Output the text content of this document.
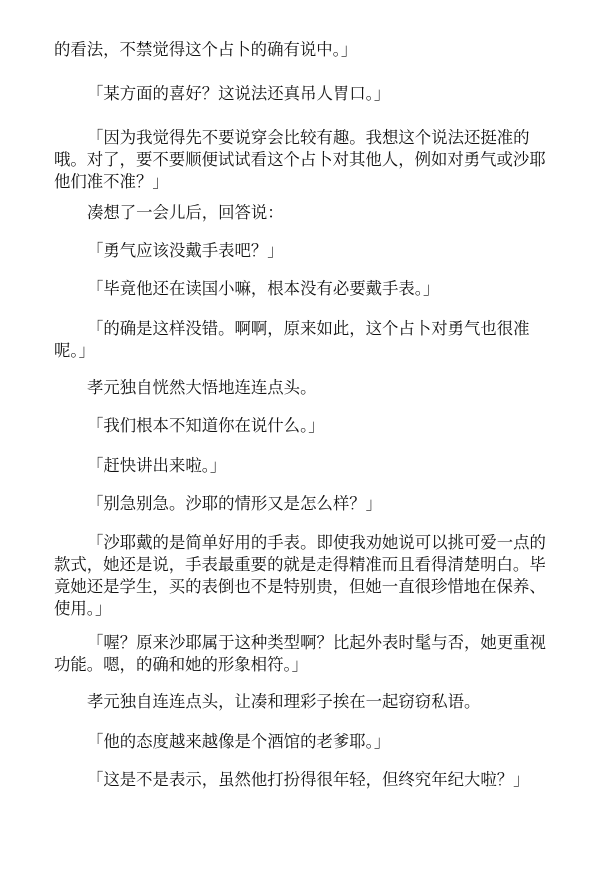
的看法，不禁觉得这个占卜的确有说中。」

「某方面的喜好？这说法还真吊人胃口。」

「因为我觉得先不要说穿会比较有趣。我想这个说法还挺准的哦。对了，要不要顺便试试看这个占卜对其他人，例如对勇气或沙耶他们准不准？」

凑想了一会儿后，回答说：

「勇气应该没戴手表吧？」

「毕竟他还在读国小嘛，根本没有必要戴手表。」

「的确是这样没错。啊啊，原来如此，这个占卜对勇气也很准呢。」

孝元独自恍然大悟地连连点头。

「我们根本不知道你在说什么。」

「赶快讲出来啦。」

「别急别急。沙耶的情形又是怎么样？」

「沙耶戴的是简单好用的手表。即使我劝她说可以挑可爱一点的款式，她还是说，手表最重要的就是走得精准而且看得清楚明白。毕竟她还是学生，买的表倒也不是特别贵，但她一直很珍惜地在保养、使用。」

「喔？原来沙耶属于这种类型啊？比起外表时髦与否，她更重视功能。嗯，的确和她的形象相符。」

孝元独自连连点头，让凑和理彩子挨在一起窃窃私语。

「他的态度越来越像是个酒馆的老爹耶。」

「这是不是表示，虽然他打扮得很年轻，但终究年纪大啦？」
